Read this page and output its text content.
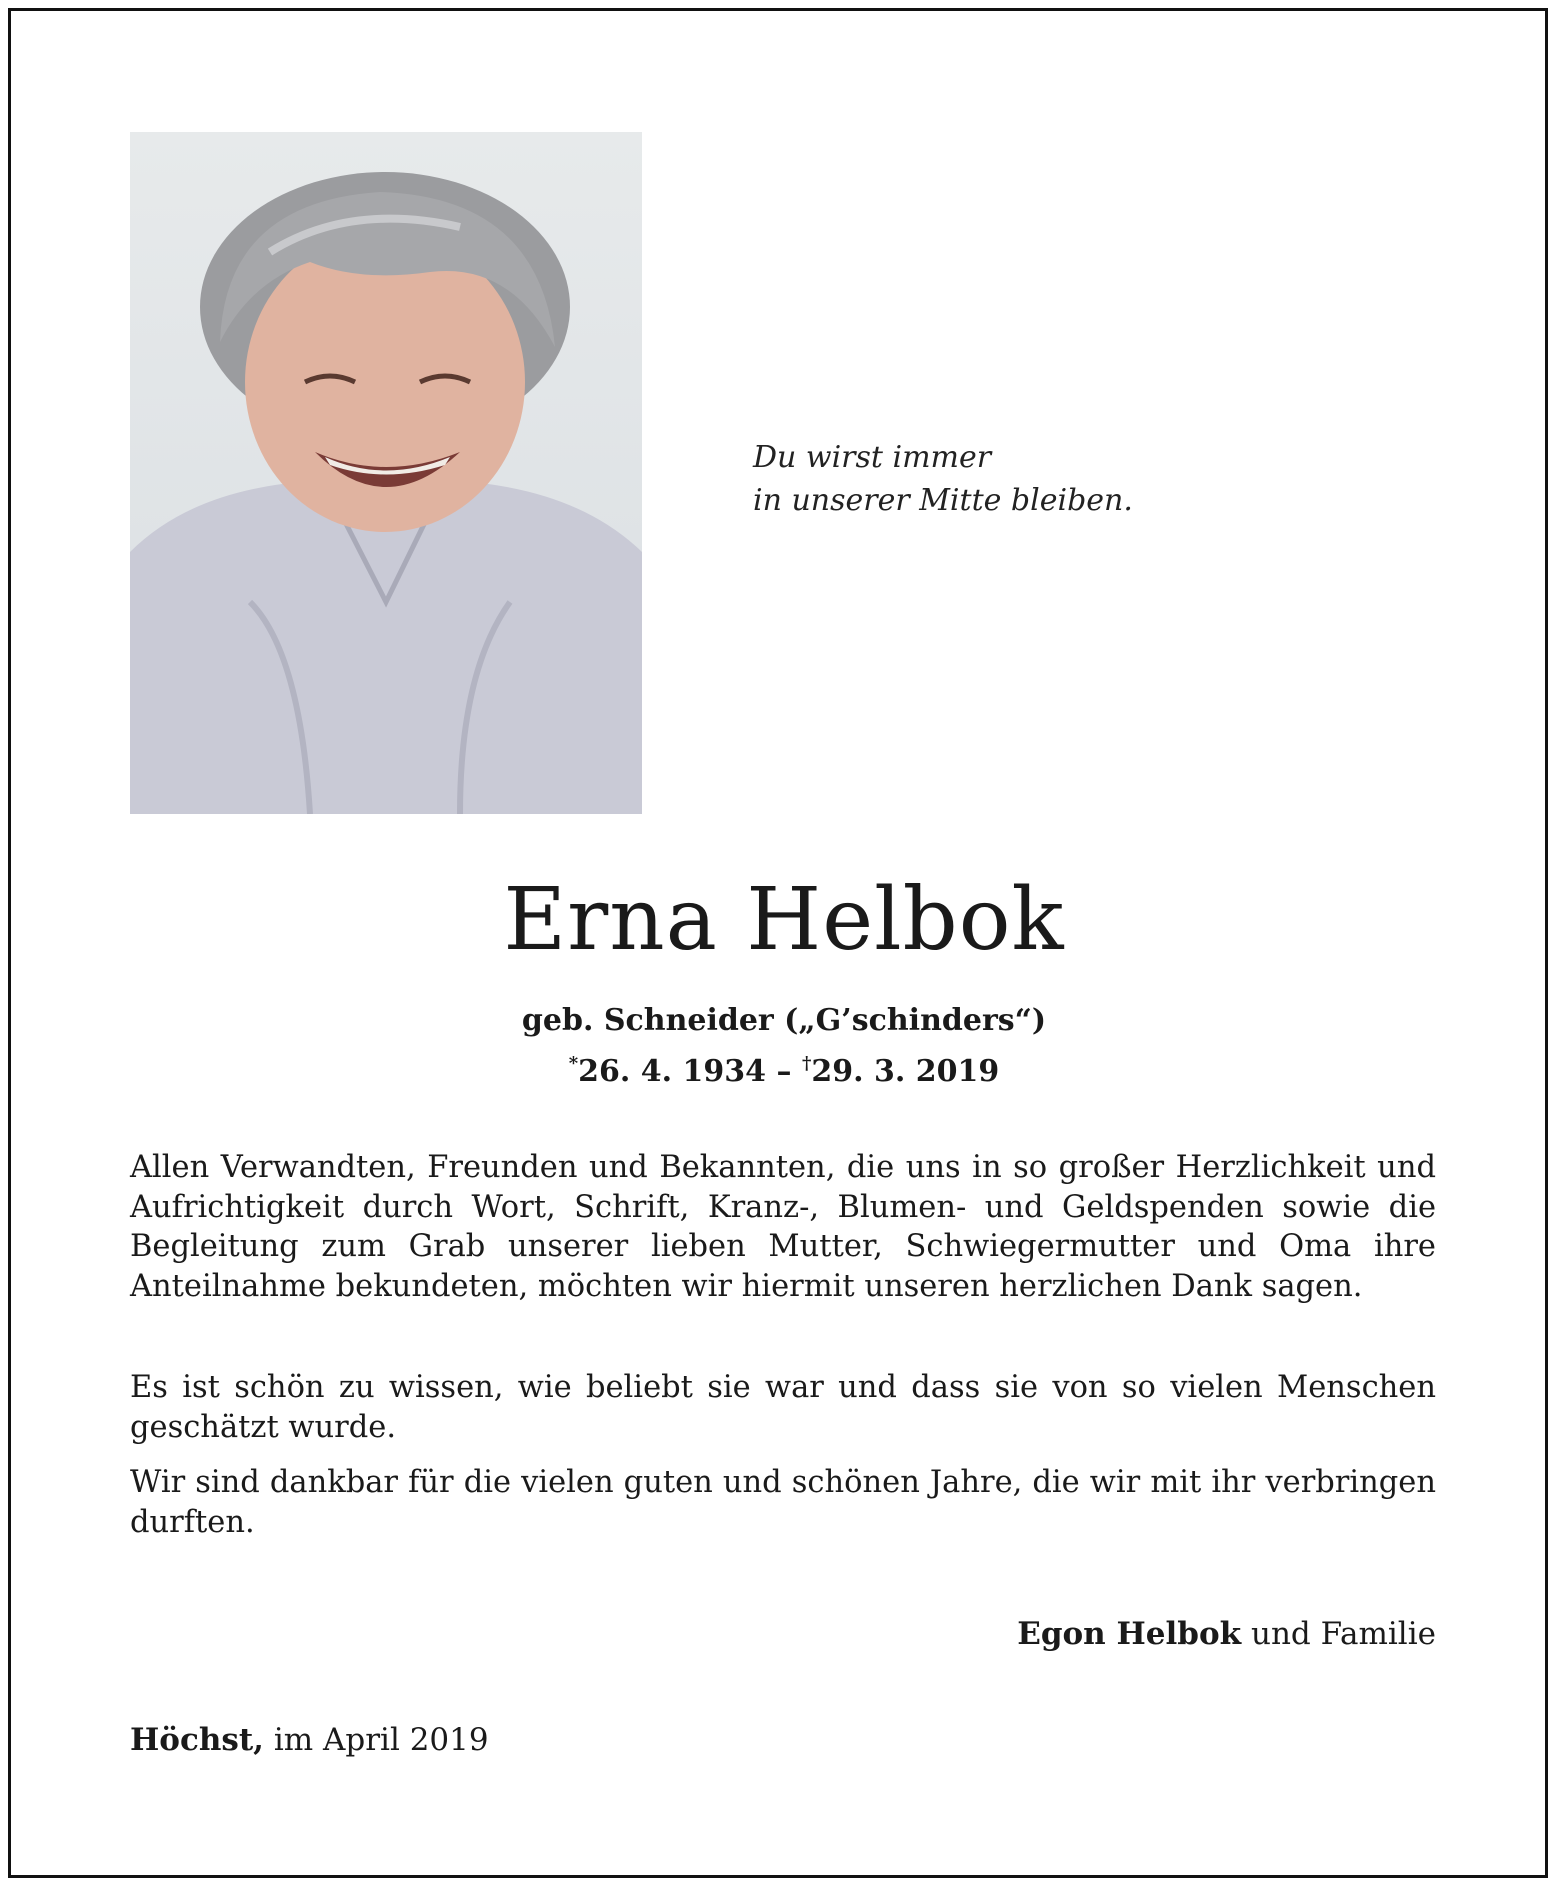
Du wirst immer
in unserer Mitte bleiben.
Erna Helbok
geb. Schneider („G’schinders“)
*26. 4. 1934 – †29. 3. 2019
Allen Verwandten, Freunden und Bekannten, die uns in so großer Herzlichkeit und Aufrichtigkeit durch Wort, Schrift, Kranz-, Blumen- und Geldspenden sowie die Begleitung zum Grab unserer lieben Mutter, Schwiegermutter und Oma ihre Anteilnahme bekundeten, möchten wir hiermit unseren herzlichen Dank sagen.
Es ist schön zu wissen, wie beliebt sie war und dass sie von so vielen Menschen geschätzt wurde.
Wir sind dankbar für die vielen guten und schönen Jahre, die wir mit ihr verbringen durften.
Egon Helbok und Familie
Höchst, im April 2019
